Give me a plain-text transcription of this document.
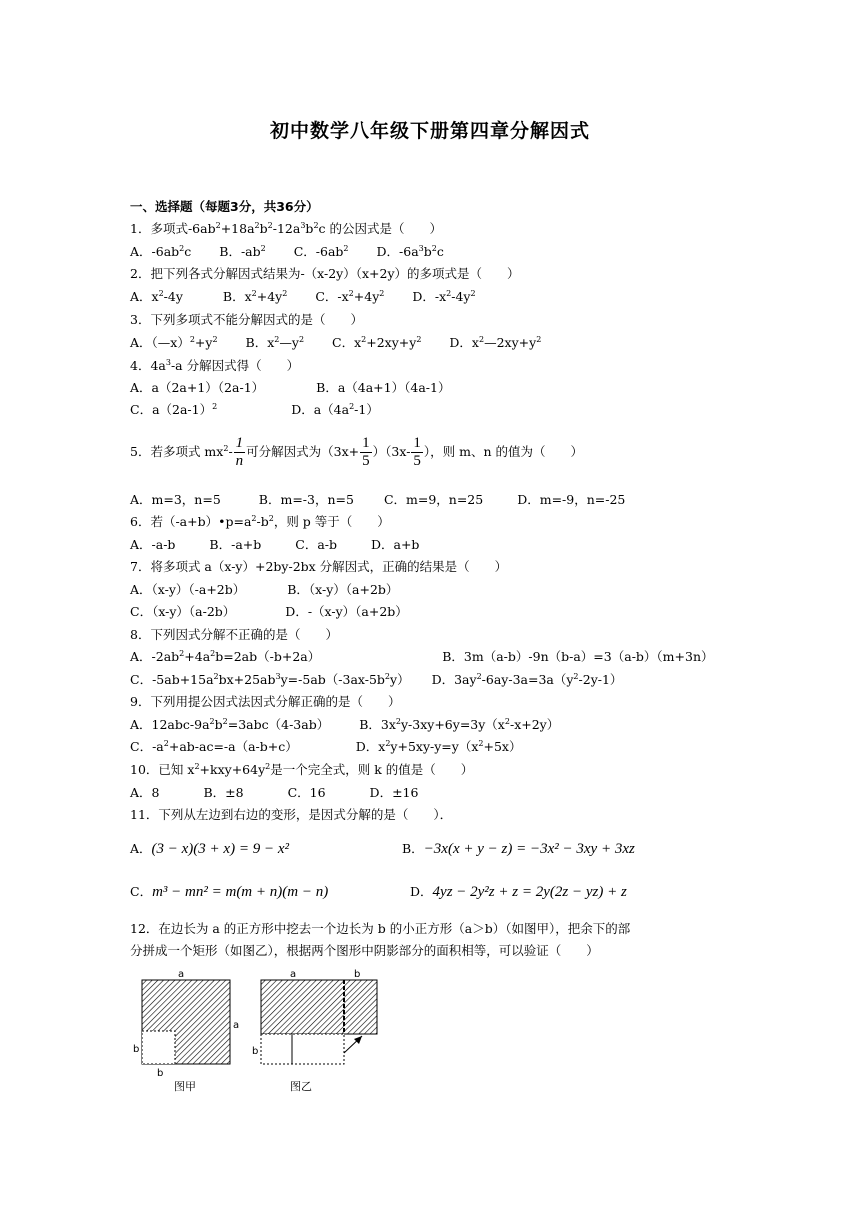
初中数学八年级下册第四章分解因式
一、选择题（每题3分，共36分）
1．多项式$-6ab^2+18a^2b^2-12a^3b^2c$ 的公因式是（　　）
A．$-6ab^2c$ B．$-ab^2$ C．$-6ab^2$ D．$-6a^3b^2c$
2．把下列各式分解因式结果为-（x-2y）（x+2y）的多项式是（　　）
A．$x^2-4y$	B．$x^2+4y^2$ C．$-x^2+4y^2$ D．$-x^2-4y^2$
3．下列多项式不能分解因式的是（　　）
A．$(—x)^2+y^2$ B．$x^2—y^2$ C．$x^2+2xy+y^2$ D．$x^2—2xy+y^2$
4．$4a^3-a$ 分解因式得（　　）
A．a（2a+1）（2a-1）	B．a（4a+1）（4a-1）
C．$a(2a-1)^2$	D．$a(4a^2-1)$
5．若多项式 $mx^2- \frac{1}{n}$ 可分解因式为$(3x+ \frac{1}{5} )(3x- \frac{1}{5}$ ），则 m、n 的值为（　　）
A．m=3，n=5	B．m=-3，n=5 C．m=9，n=25	D．m=-9，n=-25
6．若$(-a+b)•p=a^2-b^2$，则 p 等于（　　）
A．-a-b	B．-a+b	C．a-b	D．a+b
7．将多项式 a（x-y）+2by-2bx 分解因式，正确的结果是（　　）
A．（x-y）（-a+2b）	B．（x-y）（a+2b）
C．（x-y）（a-2b）	D．-（x-y）（a+2b）
8．下列因式分解不正确的是（　　）
A．$-2ab^2+4a^2b=2ab(-b+2a)$	B．3m（a-b）-9n（b-a）=3（a-b）（m+3n）
C．$-5ab+15a^2bx+25ab^3y=-5ab(-3ax-5b^2y)$ D．$3ay^2-6ay-3a=3a(y^2-2y-1)$
9．下列用提公因式法因式分解正确的是（　　）
A．$12abc-9a^2b^2=3abc(4-3ab)$ B．$3x^2y-3xy+6y=3y(x^2-x+2y)$
C．$-a^2+ab-ac=-a(a-b+c)$	D．$x^2y+5xy-y=y(x^2+5x)$
10．已知 $x^2+kxy+64y^2$是一个完全式，则 k 的值是（　　）
A．8	B．±8	C．16	D．±16
11．下列从左边到右边的变形，是因式分解的是（　　）．
A．(3 − x)(3 + x) = 9 − x²	B．−3x(x + y − z) = −3x² − 3xy + 3xz
C．m³ − mn² = m(m + n)(m − n)	D．4yz − 2y²z + z = 2y(2z − yz) + z
12．在边长为 a 的正方形中挖去一个边长为 b 的小正方形（a＞b）（如图甲），把余下的部
分拼成一个矩形（如图乙），根据两个图形中阴影部分的面积相等，可以验证（　　）
a
a
b
b
图甲
a	b
b
图乙
